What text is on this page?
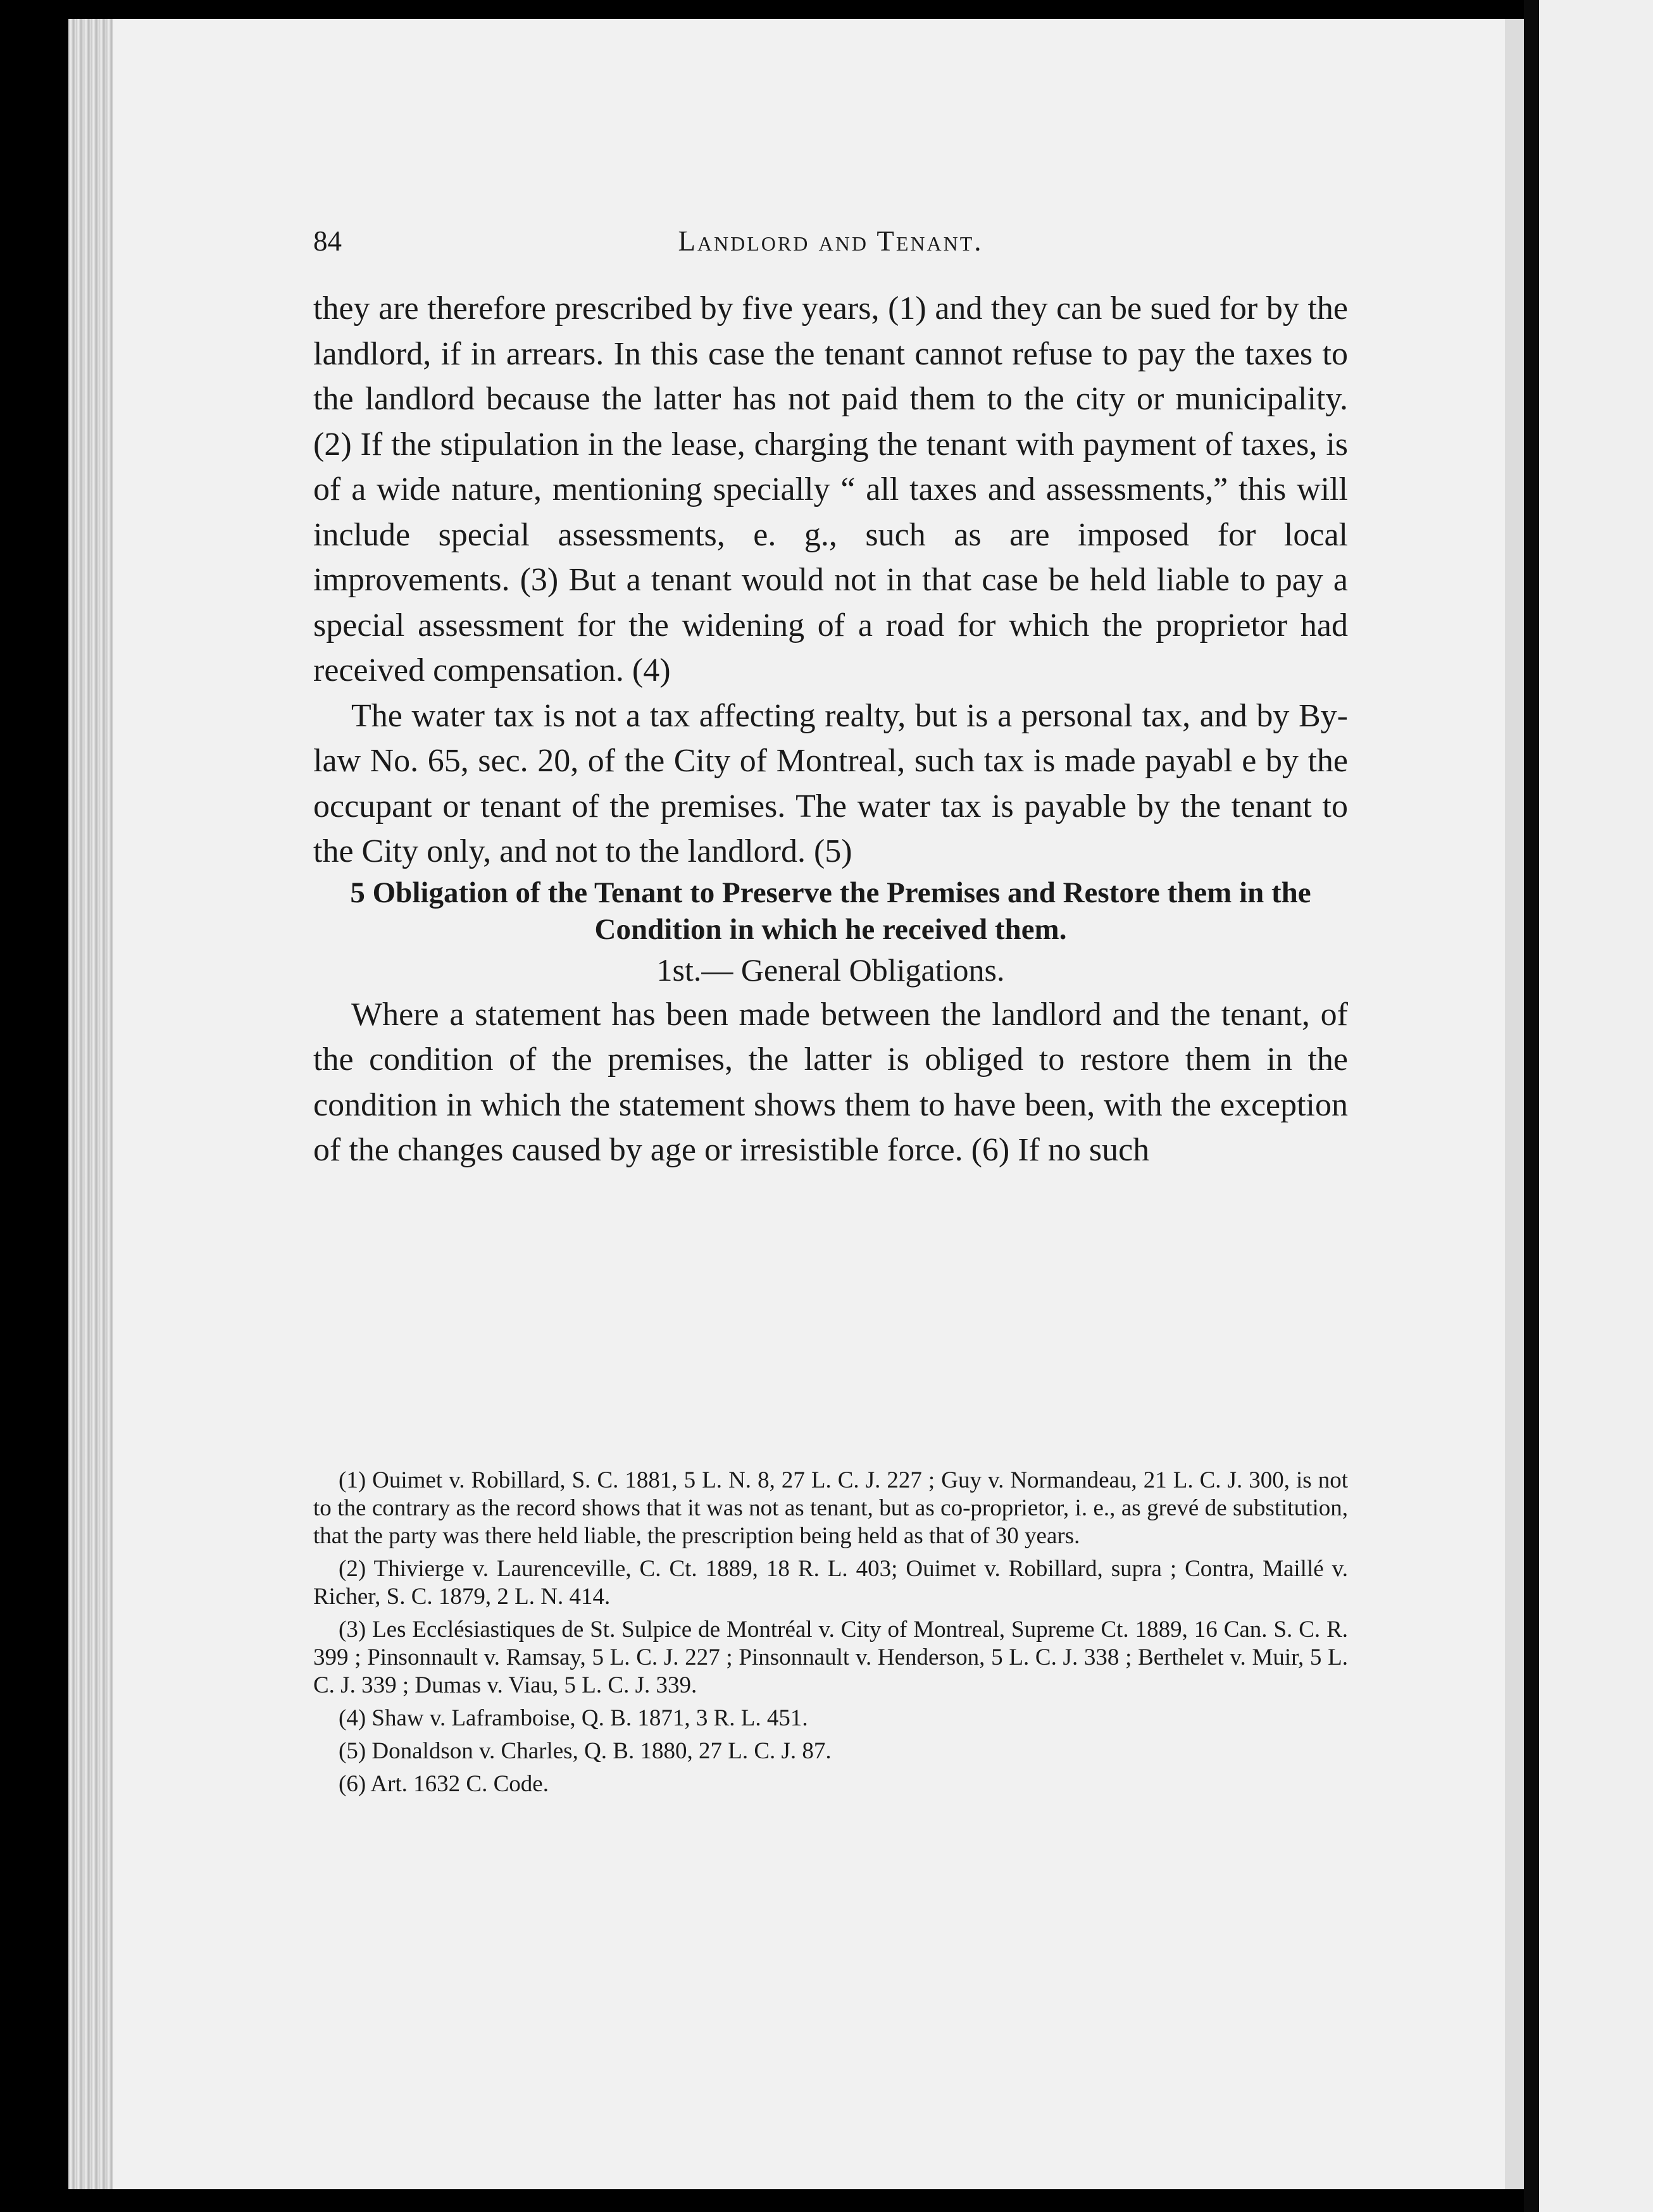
Landlord and Tenant.
84

they are therefore prescribed by five years, (1) and they can be sued for by the landlord, if in arrears. In this case the tenant cannot refuse to pay the taxes to the landlord because the latter has not paid them to the city or municipality. (2) If the stipulation in the lease, charging the tenant with payment of taxes, is of a wide nature, mentioning specially “ all taxes and assessments,” this will include special assessments, e. g., such as are imposed for local improvements. (3) But a tenant would not in that case be held liable to pay a special assessment for the widening of a road for which the proprietor had received compensation. (4)

The water tax is not a tax affecting realty, but is a personal tax, and by By-law No. 65, sec. 20, of the City of Montreal, such tax is made payabl e by the occupant or tenant of the premises. The water tax is payable by the tenant to the City only, and not to the landlord. (5)

5 Obligation of the Tenant to Preserve the Premises and Restore them in the Condition in which he received them.

1st.— General Obligations.

Where a statement has been made between the landlord and the tenant, of the condition of the premises, the latter is obliged to restore them in the condition in which the statement shows them to have been, with the exception of the changes caused by age or irresistible force. (6) If no such

(1) Ouimet v. Robillard, S. C. 1881, 5 L. N. 8, 27 L. C. J. 227 ; Guy v. Normandeau, 21 L. C. J. 300, is not to the contrary as the record shows that it was not as tenant, but as co-proprietor, i. e., as grevé de substitution, that the party was there held liable, the prescription being held as that of 30 years.

(2) Thivierge v. Laurenceville, C. Ct. 1889, 18 R. L. 403; Ouimet v. Robillard, supra ; Contra, Maillé v. Richer, S. C. 1879, 2 L. N. 414.

(3) Les Ecclésiastiques de St. Sulpice de Montréal v. City of Montreal, Supreme Ct. 1889, 16 Can. S. C. R. 399 ; Pinsonnault v. Ramsay, 5 L. C. J. 227 ; Pinsonnault v. Henderson, 5 L. C. J. 338 ; Berthelet v. Muir, 5 L. C. J. 339 ; Dumas v. Viau, 5 L. C. J. 339.

(4) Shaw v. Laframboise, Q. B. 1871, 3 R. L. 451.

(5) Donaldson v. Charles, Q. B. 1880, 27 L. C. J. 87.

(6) Art. 1632 C. Code.
